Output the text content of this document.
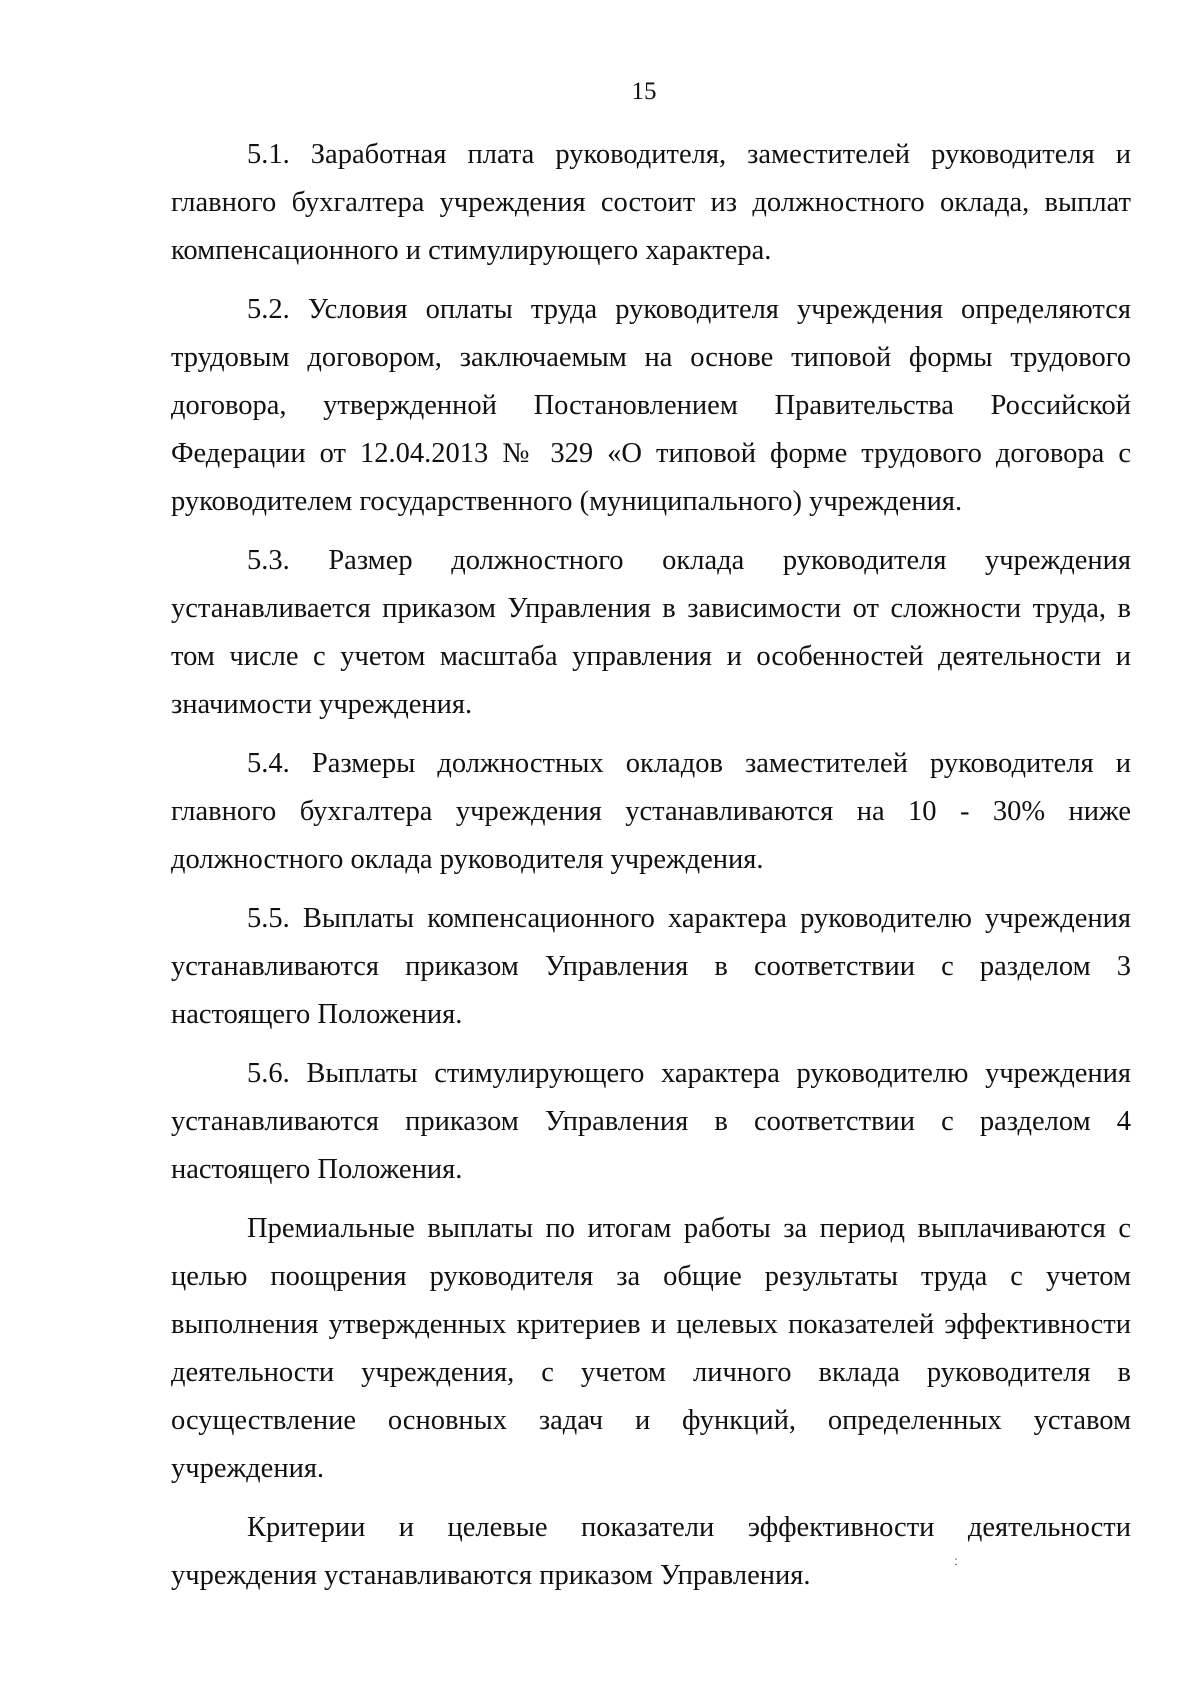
15

5.1. Заработная плата руководителя, заместителей руководителя и главного бухгалтера учреждения состоит из должностного оклада, выплат компенсационного и стимулирующего характера.

5.2. Условия оплаты труда руководителя учреждения определяются трудовым договором, заключаемым на основе типовой формы трудового договора, утвержденной Постановлением Правительства Российской Федерации от 12.04.2013 № 329 «О типовой форме трудового договора с руководителем государственного (муниципального) учреждения.

5.3. Размер должностного оклада руководителя учреждения устанавливается приказом Управления в зависимости от сложности труда, в том числе с учетом масштаба управления и особенностей деятельности и значимости учреждения.

5.4. Размеры должностных окладов заместителей руководителя и главного бухгалтера учреждения устанавливаются на 10 - 30% ниже должностного оклада руководителя учреждения.

5.5. Выплаты компенсационного характера руководителю учреждения устанавливаются приказом Управления в соответствии с разделом 3 настоящего Положения.

5.6. Выплаты стимулирующего характера руководителю учреждения устанавливаются приказом Управления в соответствии с разделом 4 настоящего Положения.

Премиальные выплаты по итогам работы за период выплачиваются с целью поощрения руководителя за общие результаты труда с учетом выполнения утвержденных критериев и целевых показателей эффективности деятельности учреждения, с учетом личного вклада руководителя в осуществление основных задач и функций, определенных уставом учреждения.

Критерии и целевые показатели эффективности деятельности учреждения устанавливаются приказом Управления.	ː
